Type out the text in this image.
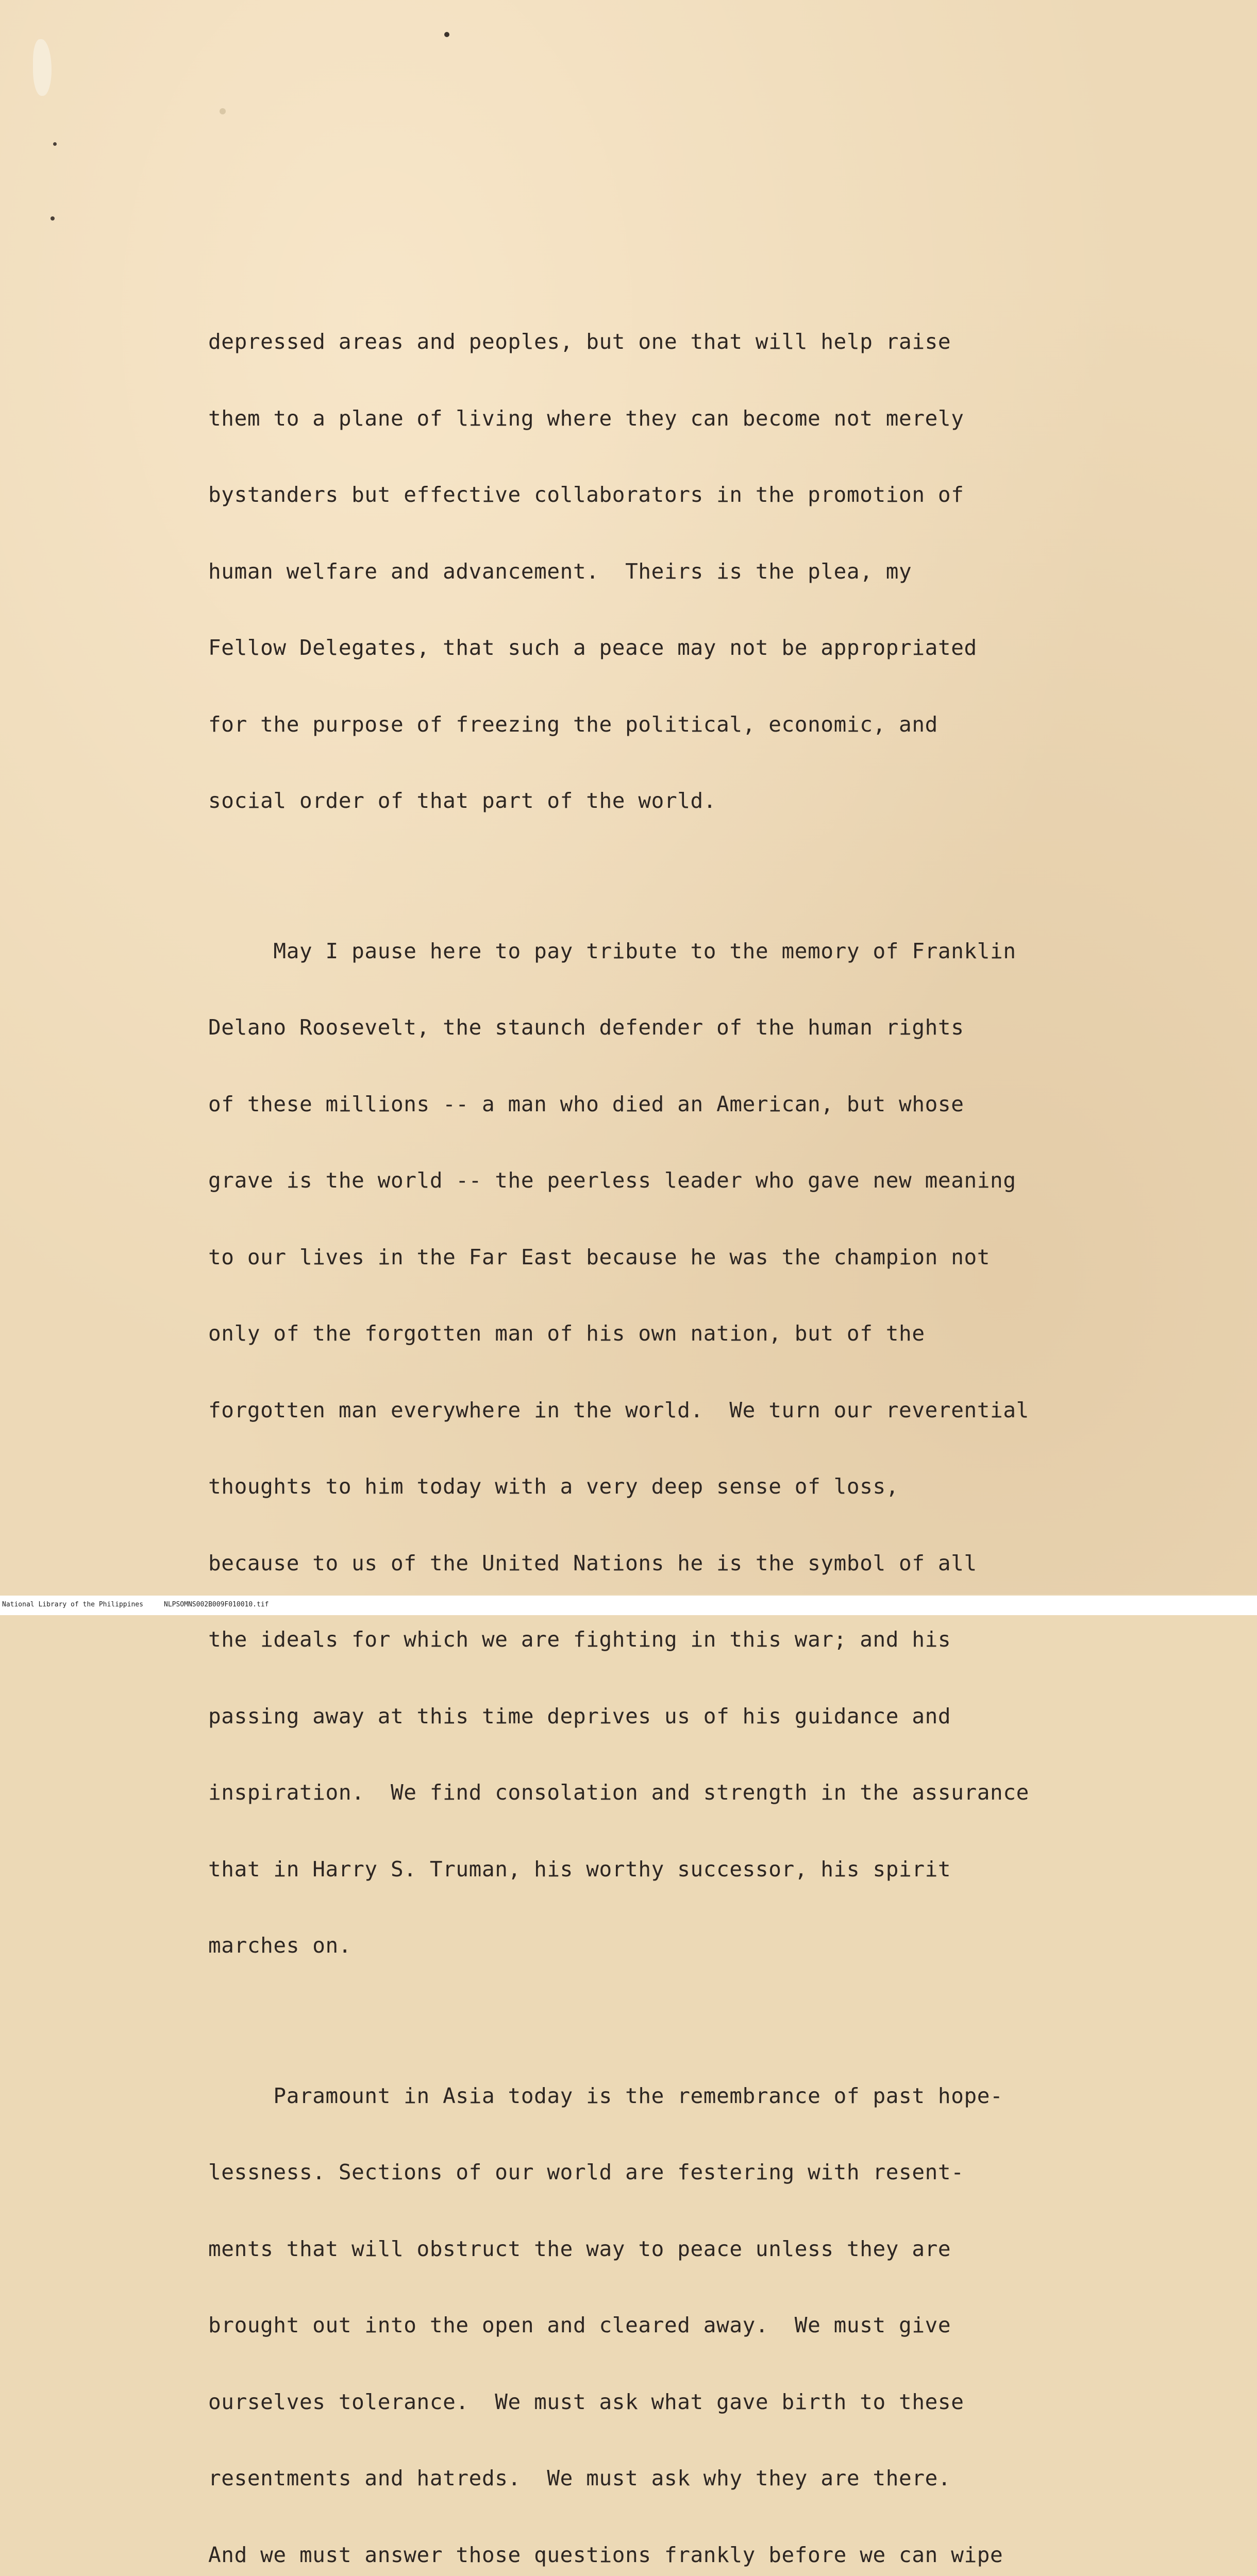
depressed areas and peoples, but one that will help raise

them to a plane of living where they can become not merely

bystanders but effective collaborators in the promotion of

human welfare and advancement.  Theirs is the plea, my

Fellow Delegates, that such a peace may not be appropriated

for the purpose of freezing the political, economic, and

social order of that part of the world.

May I pause here to pay tribute to the memory of Franklin

Delano Roosevelt, the staunch defender of the human rights

of these millions -- a man who died an American, but whose

grave is the world -- the peerless leader who gave new meaning

to our lives in the Far East because he was the champion not

only of the forgotten man of his own nation, but of the

forgotten man everywhere in the world.  We turn our reverential

thoughts to him today with a very deep sense of loss,

because to us of the United Nations he is the symbol of all

the ideals for which we are fighting in this war; and his

passing away at this time deprives us of his guidance and

inspiration.  We find consolation and strength in the assurance

that in Harry S. Truman, his worthy successor, his spirit

marches on.

Paramount in Asia today is the remembrance of past hope-

lessness. Sections of our world are festering with resent-

ments that will obstruct the way to peace unless they are

brought out into the open and cleared away.  We must give

ourselves tolerance.  We must ask what gave birth to these

resentments and hatreds.  We must ask why they are there.

And we must answer those questions frankly before we can wipe

National Library of the Philippines	NLPSOMNS002B009F010010.tif
